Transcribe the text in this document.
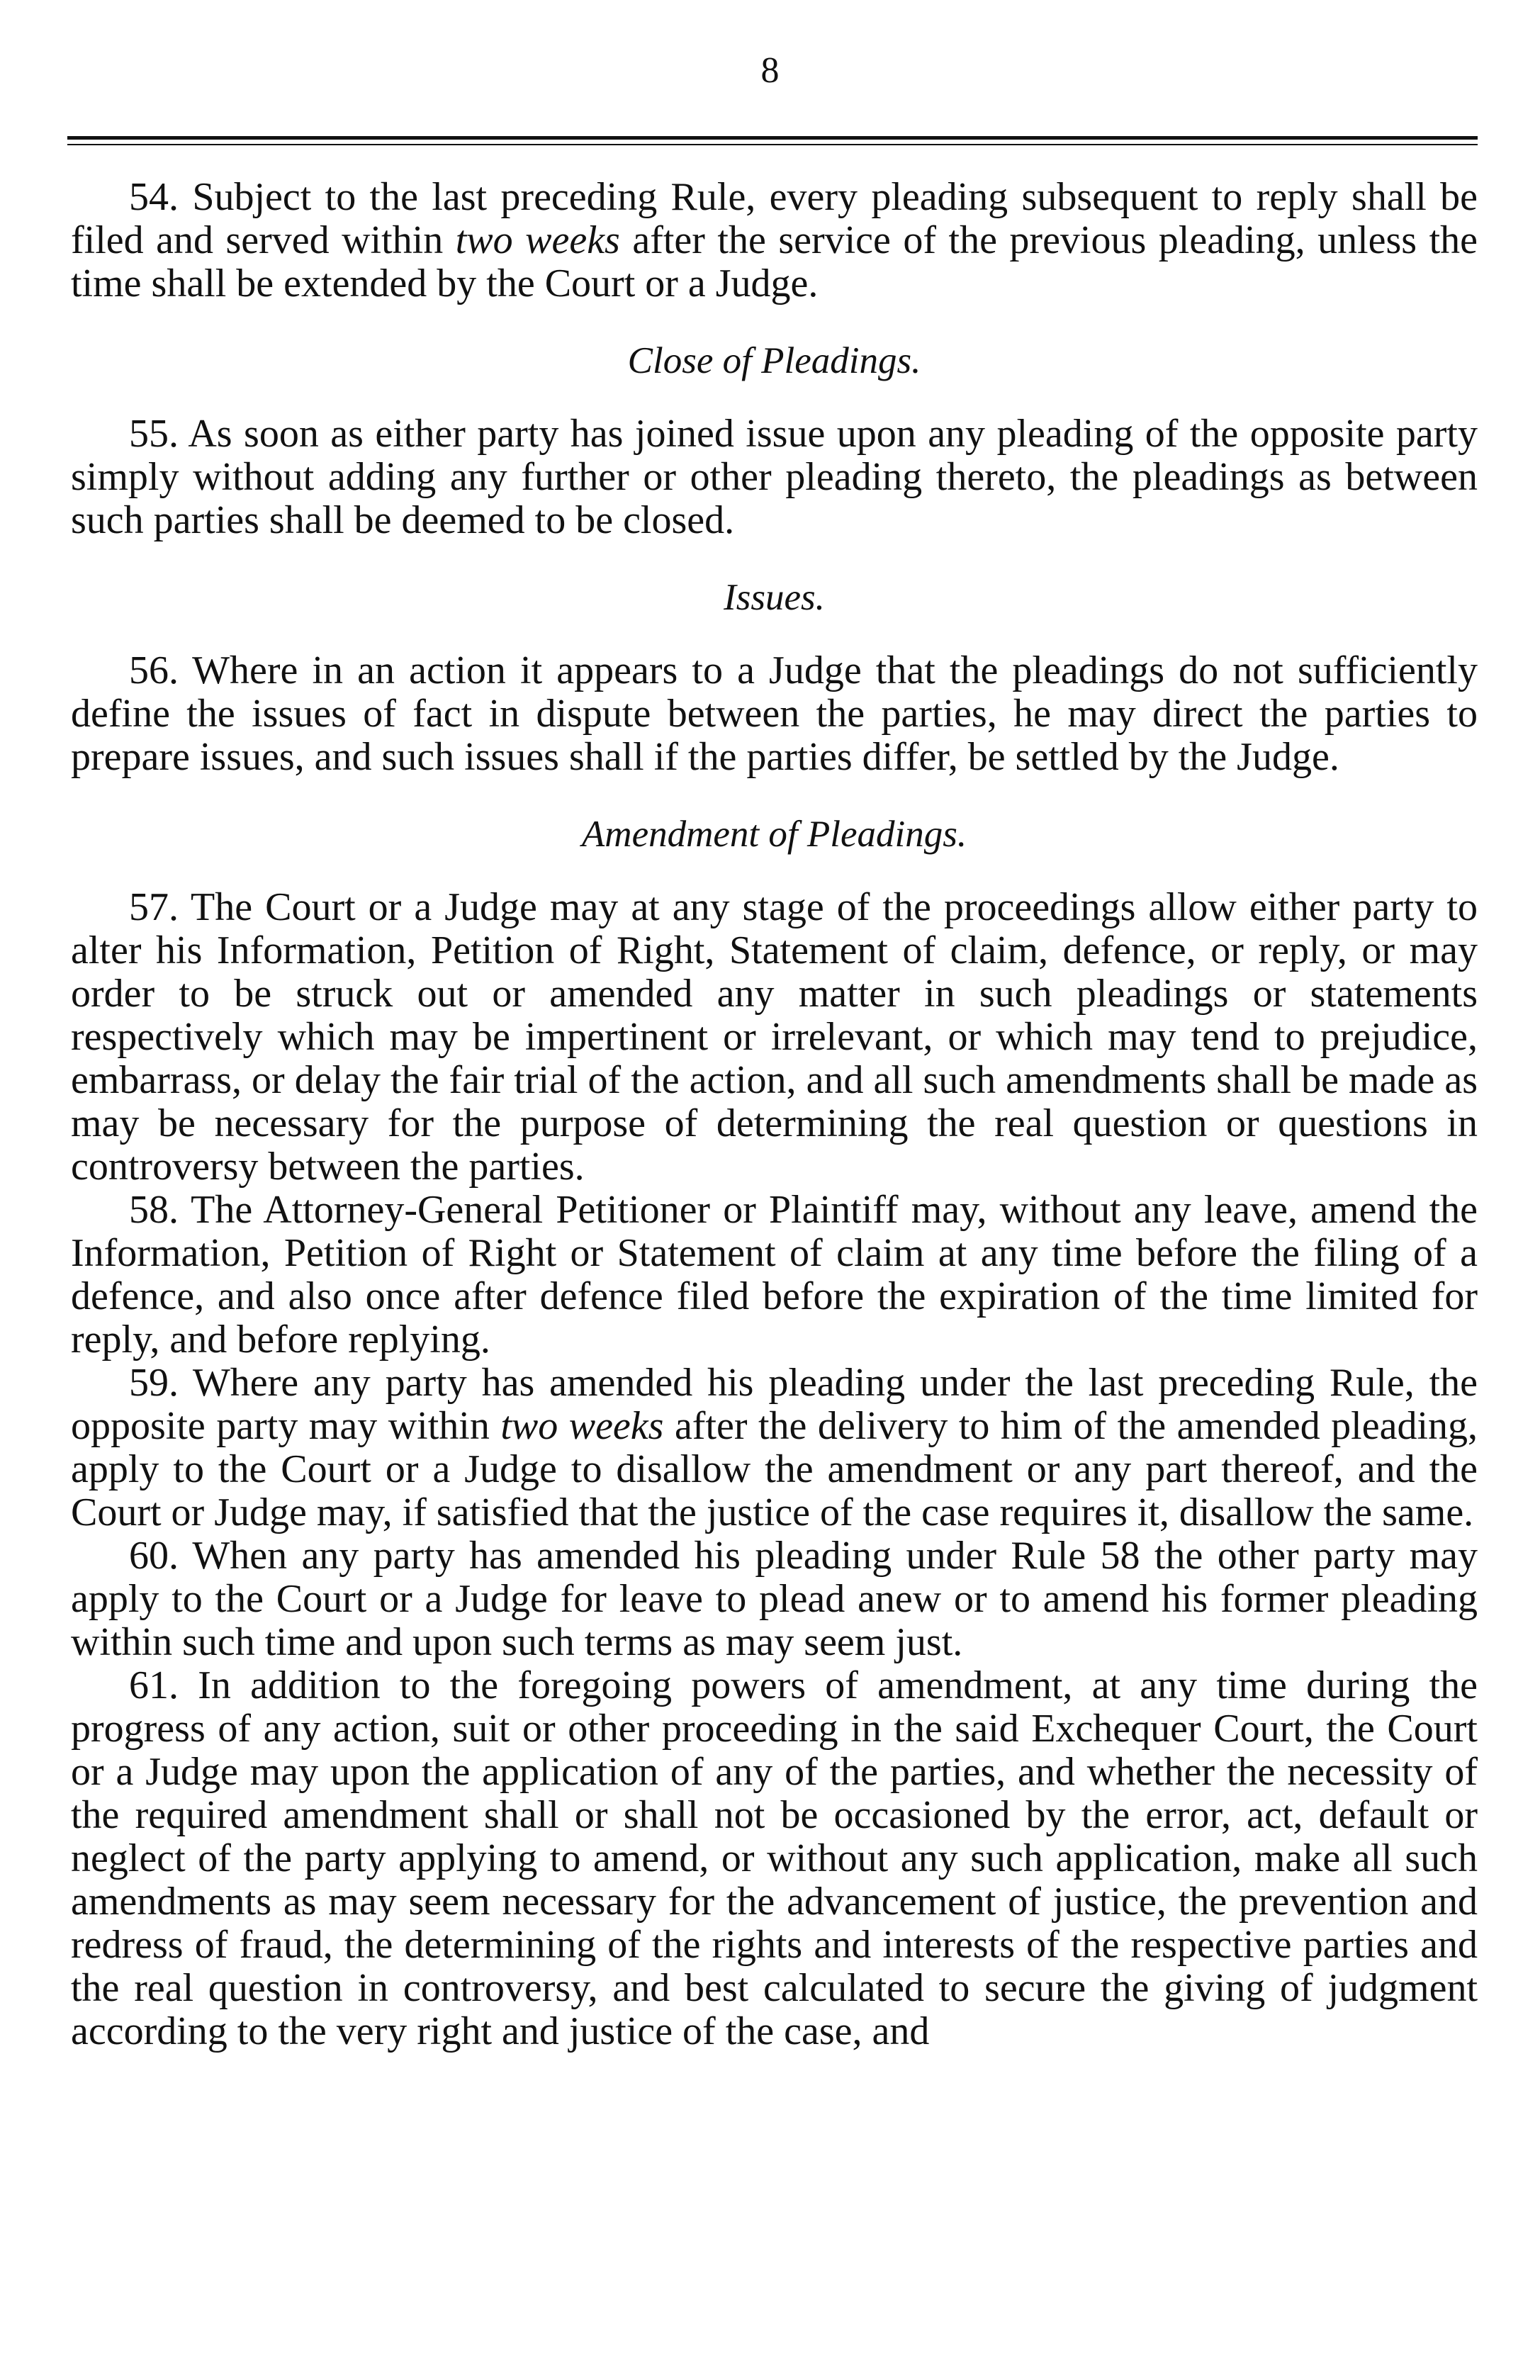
8

54. Subject to the last preceding Rule, every pleading subsequent to reply shall be filed and served within two weeks after the service of the previous pleading, unless the time shall be extended by the Court or a Judge.

Close of Pleadings.

55. As soon as either party has joined issue upon any pleading of the opposite party simply without adding any further or other pleading thereto, the pleadings as between such parties shall be deemed to be closed.

Issues.

56. Where in an action it appears to a Judge that the pleadings do not sufficiently define the issues of fact in dispute between the parties, he may direct the parties to prepare issues, and such issues shall if the parties differ, be settled by the Judge.

Amendment of Pleadings.

57. The Court or a Judge may at any stage of the proceedings allow either party to alter his Information, Petition of Right, Statement of claim, defence, or reply, or may order to be struck out or amended any matter in such pleadings or statements respectively which may be impertinent or irrelevant, or which may tend to prejudice, embarrass, or delay the fair trial of the action, and all such amendments shall be made as may be necessary for the purpose of determining the real question or questions in controversy between the parties.

58. The Attorney-General Petitioner or Plaintiff may, without any leave, amend the Information, Petition of Right or Statement of claim at any time before the filing of a defence, and also once after defence filed before the expiration of the time limited for reply, and before replying.

59. Where any party has amended his pleading under the last preceding Rule, the opposite party may within two weeks after the delivery to him of the amended pleading, apply to the Court or a Judge to disallow the amendment or any part thereof, and the Court or Judge may, if satisfied that the justice of the case requires it, disallow the same.

60. When any party has amended his pleading under Rule 58 the other party may apply to the Court or a Judge for leave to plead anew or to amend his former pleading within such time and upon such terms as may seem just.

61. In addition to the foregoing powers of amendment, at any time during the progress of any action, suit or other proceeding in the said Exchequer Court, the Court or a Judge may upon the application of any of the parties, and whether the necessity of the required amendment shall or shall not be occasioned by the error, act, default or neglect of the party applying to amend, or without any such application, make all such amendments as may seem necessary for the advancement of justice, the prevention and redress of fraud, the determining of the rights and interests of the respective parties and the real question in controversy, and best calculated to secure the giving of judgment according to the very right and justice of the case, and
